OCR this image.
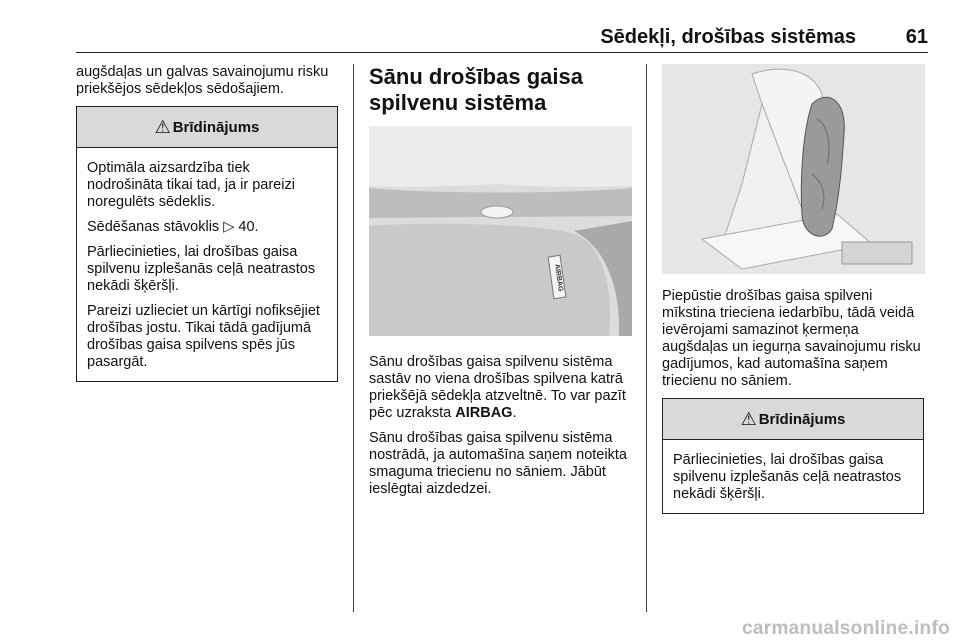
Sēdekļi, drošības sistēmas 61

augšdaļas un galvas savainojumu risku priekšējos sēdekļos sēdošajiem.

⚠ Brīdinājums

Optimāla aizsardzība tiek nodrošināta tikai tad, ja ir pareizi noregulēts sēdeklis.

Sēdēšanas stāvoklis ▷ 40.

Pārliecinieties, lai drošības gaisa spilvenu izplešanās ceļā neatrastos nekādi šķēršļi.

Pareizi uzlieciet un kārtīgi nofiksējiet drošības jostu. Tikai tādā gadījumā drošības gaisa spilvens spēs jūs pasargāt.

Sānu drošības gaisa
spilvenu sistēma
AIRBAG

Sānu drošības gaisa spilvenu sistēma sastāv no viena drošības spilvena katrā priekšējā sēdekļa atzveltnē. To var pazīt pēc uzraksta AIRBAG.

Sānu drošības gaisa spilvenu sistēma nostrādā, ja automašīna saņem noteikta smaguma triecienu no sāniem. Jābūt ieslēgtai aizdedzei.

Piepūstie drošības gaisa spilveni mīkstina trieciena iedarbību, tādā veidā ievērojami samazinot ķermeņa augšdaļas un iegurņa savainojumu risku gadījumos, kad automašīna saņem triecienu no sāniem.

⚠ Brīdinājums

Pārliecinieties, lai drošības gaisa spilvenu izplešanās ceļā neatrastos nekādi šķēršļi.

carmanualsonline.info
